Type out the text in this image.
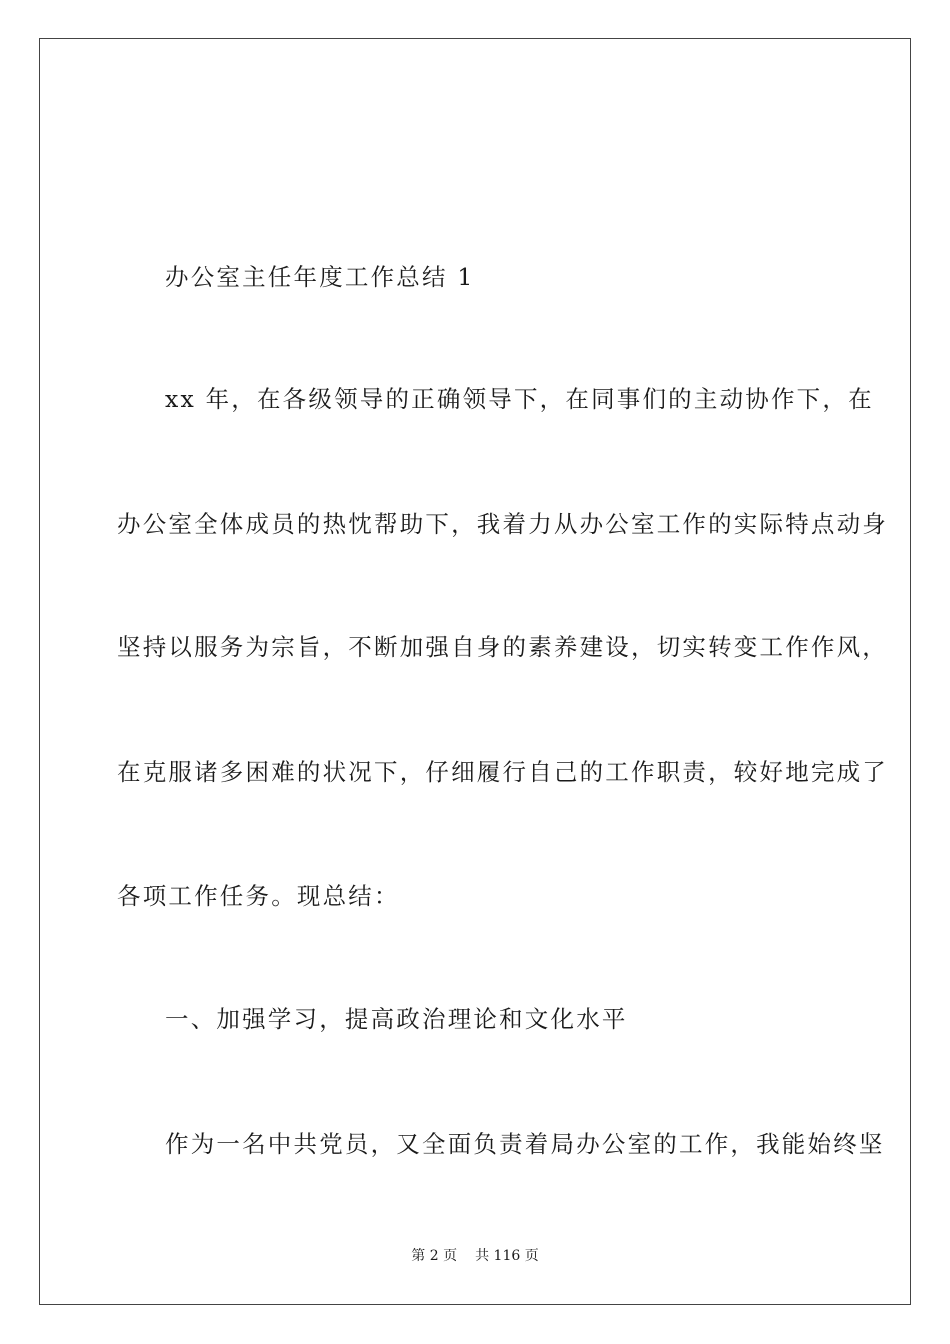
办公室主任年度工作总结 1
xx 年，在各级领导的正确领导下，在同事们的主动协作下，在
办公室全体成员的热忱帮助下，我着力从办公室工作的实际特点动身
坚持以服务为宗旨，不断加强自身的素养建设，切实转变工作作风，
在克服诸多困难的状况下，仔细履行自己的工作职责，较好地完成了
各项工作任务。现总结：
一、加强学习，提高政治理论和文化水平
作为一名中共党员，又全面负责着局办公室的工作，我能始终坚
第 2 页 共 116 页
